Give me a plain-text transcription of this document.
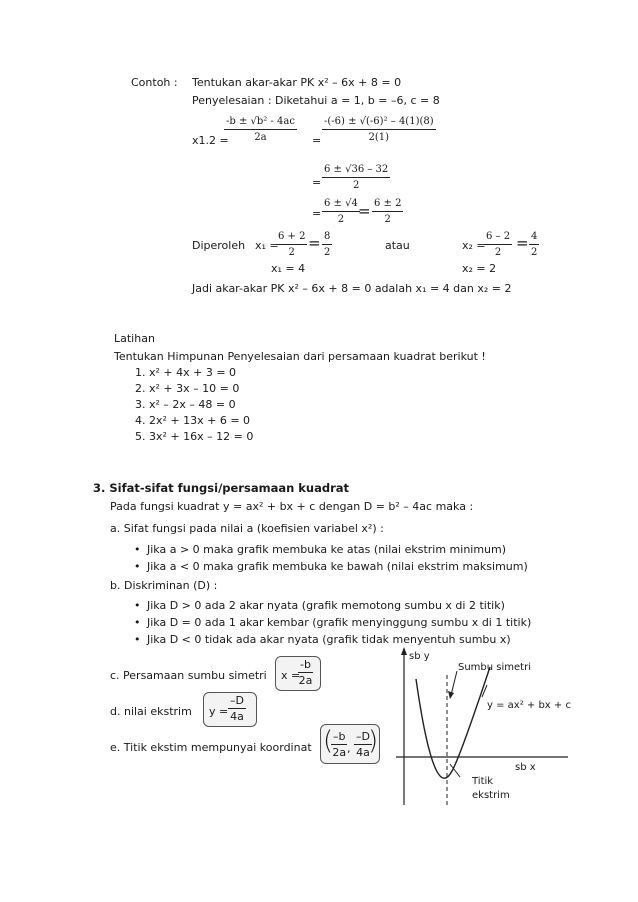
Contoh : Tentukan akar-akar PK x² – 6x + 8 = 0
Penyelesaian : Diketahui a = 1, b = –6, c = 8
x1.2 =
$\frac{\text{-b ± √b² - 4ac}}{2a} = \frac{\text{-(-6) ± √(-6)² – 4(1)(8)}}{2(1)}$
= $\frac{6 \pm √36 - 32}{2}$
= $\frac{6 \pm √4}{2}$
= $\frac{6 \pm 2}{2}$
Diperoleh x₁ =
$\frac{6 + 2}{2} = \frac{8}{2}$	atau	x₂ =
$\frac{6 - 2}{2} = \frac{4}{2}$
x₁ = 4	x₂ = 2
Jadi akar-akar PK x² – 6x + 8 = 0 adalah x₁ = 4 dan x₂ = 2
Latihan
Tentukan Himpunan Penyelesaian dari persamaan kuadrat berikut !
1. x² + 4x + 3 = 0
2. x² + 3x – 10 = 0
3. x² – 2x – 48 = 0
4. 2x² + 13x + 6 = 0
5. 3x² + 16x – 12 = 0
3. Sifat-sifat fungsi/persamaan kuadrat
Pada fungsi kuadrat y = ax² + bx + c dengan D = b² – 4ac maka :
a. Sifat fungsi pada nilai a (koefisien variabel x²) :
• Jika a > 0 maka grafik membuka ke atas (nilai ekstrim minimum)
• Jika a < 0 maka grafik membuka ke bawah (nilai ekstrim maksimum)
b. Diskriminan (D) :
• Jika D > 0 ada 2 akar nyata (grafik memotong sumbu x di 2 titik)
• Jika D = 0 ada 1 akar kembar (grafik menyinggung sumbu x di 1 titik)
• Jika D < 0 tidak ada akar nyata (grafik tidak menyentuh sumbu x)
c. Persamaan sumbu simetri x =
$\frac{-b}{2a}$
d. nilai ekstrim $y = \frac{-D}{4a}$
e. Titik ekstim mempunyai koordinat (
$\frac{-b}{2a}$ , $\frac{-D}{4a}$
)
sb y
Sumbu simetri
y = ax² + bx + c
sb x
Titik
ekstrim
